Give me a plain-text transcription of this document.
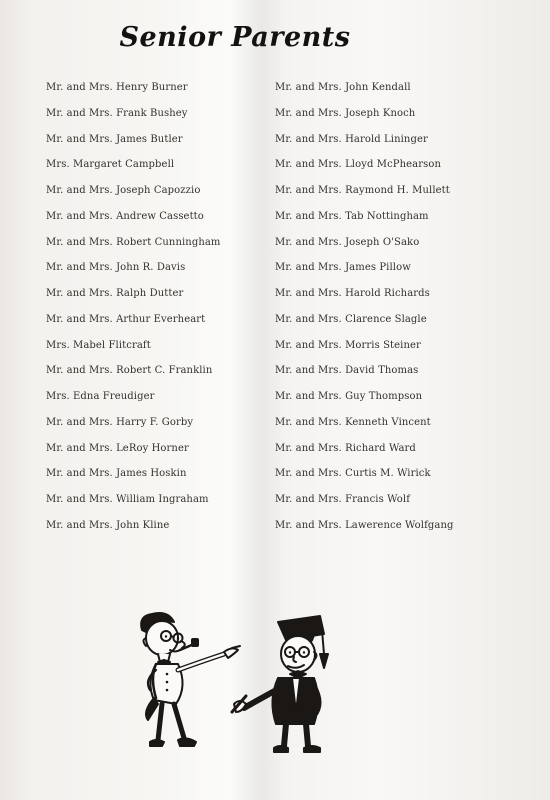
Senior Parents
Mr. and Mrs. Henry Burner
Mr. and Mrs. Frank Bushey
Mr. and Mrs. James Butler
Mrs. Margaret Campbell
Mr. and Mrs. Joseph Capozzio
Mr. and Mrs. Andrew Cassetto
Mr. and Mrs. Robert Cunningham
Mr. and Mrs. John R. Davis
Mr. and Mrs. Ralph Dutter
Mr. and Mrs. Arthur Everheart
Mrs. Mabel Flitcraft
Mr. and Mrs. Robert C. Franklin
Mrs. Edna Freudiger
Mr. and Mrs. Harry F. Gorby
Mr. and Mrs. LeRoy Horner
Mr. and Mrs. James Hoskin
Mr. and Mrs. William Ingraham
Mr. and Mrs. John Kline
Mr. and Mrs. John Kendall
Mr. and Mrs. Joseph Knoch
Mr. and Mrs. Harold Lininger
Mr. and Mrs. Lloyd McPhearson
Mr. and Mrs. Raymond H. Mullett
Mr. and Mrs. Tab Nottingham
Mr. and Mrs. Joseph O'Sako
Mr. and Mrs. James Pillow
Mr. and Mrs. Harold Richards
Mr. and Mrs. Clarence Slagle
Mr. and Mrs. Morris Steiner
Mr. and Mrs. David Thomas
Mr. and Mrs. Guy Thompson
Mr. and Mrs. Kenneth Vincent
Mr. and Mrs. Richard Ward
Mr. and Mrs. Curtis M. Wirick
Mr. and Mrs. Francis Wolf
Mr. and Mrs. Lawerence Wolfgang
